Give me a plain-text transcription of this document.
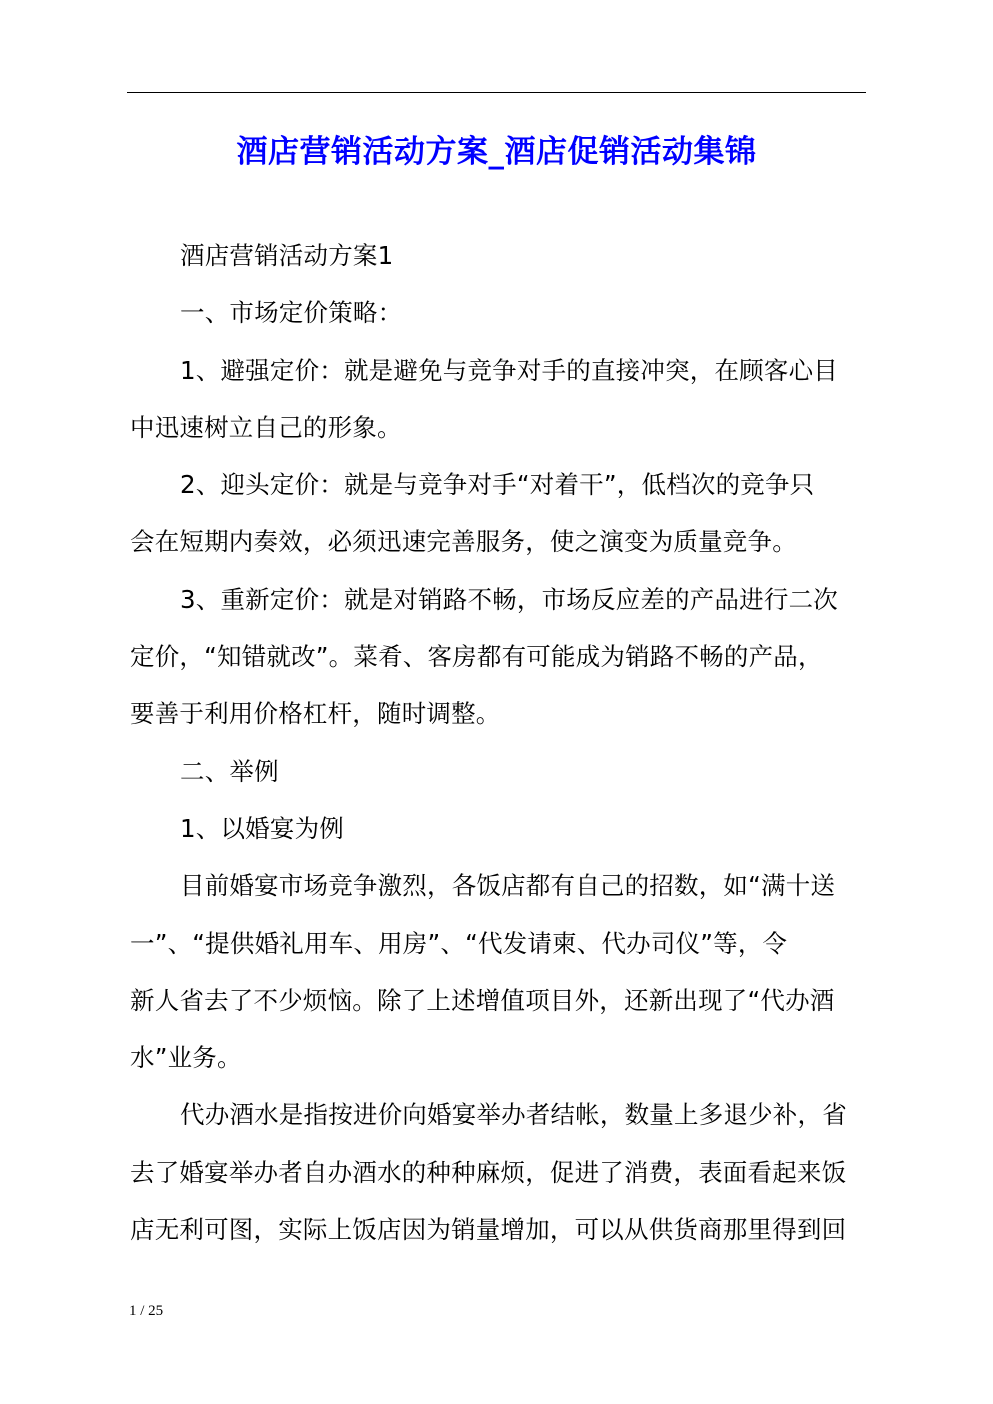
酒店营销活动方案_酒店促销活动集锦

酒店营销活动方案1

一、市场定价策略：

1、避强定价：就是避免与竞争对手的直接冲突，在顾客心目
中迅速树立自己的形象。

2、迎头定价：就是与竞争对手“对着干”，低档次的竞争只
会在短期内奏效，必须迅速完善服务，使之演变为质量竞争。

3、重新定价：就是对销路不畅，市场反应差的产品进行二次
定价，“知错就改”。菜肴、客房都有可能成为销路不畅的产品，
要善于利用价格杠杆，随时调整。

二、举例

1、以婚宴为例

目前婚宴市场竞争激烈，各饭店都有自己的招数，如“满十送
一”、“提供婚礼用车、用房”、“代发请柬、代办司仪”等，令
新人省去了不少烦恼。除了上述增值项目外，还新出现了“代办酒
水”业务。

代办酒水是指按进价向婚宴举办者结帐，数量上多退少补，省
去了婚宴举办者自办酒水的种种麻烦，促进了消费，表面看起来饭
店无利可图，实际上饭店因为销量增加，可以从供货商那里得到回

1 / 25
